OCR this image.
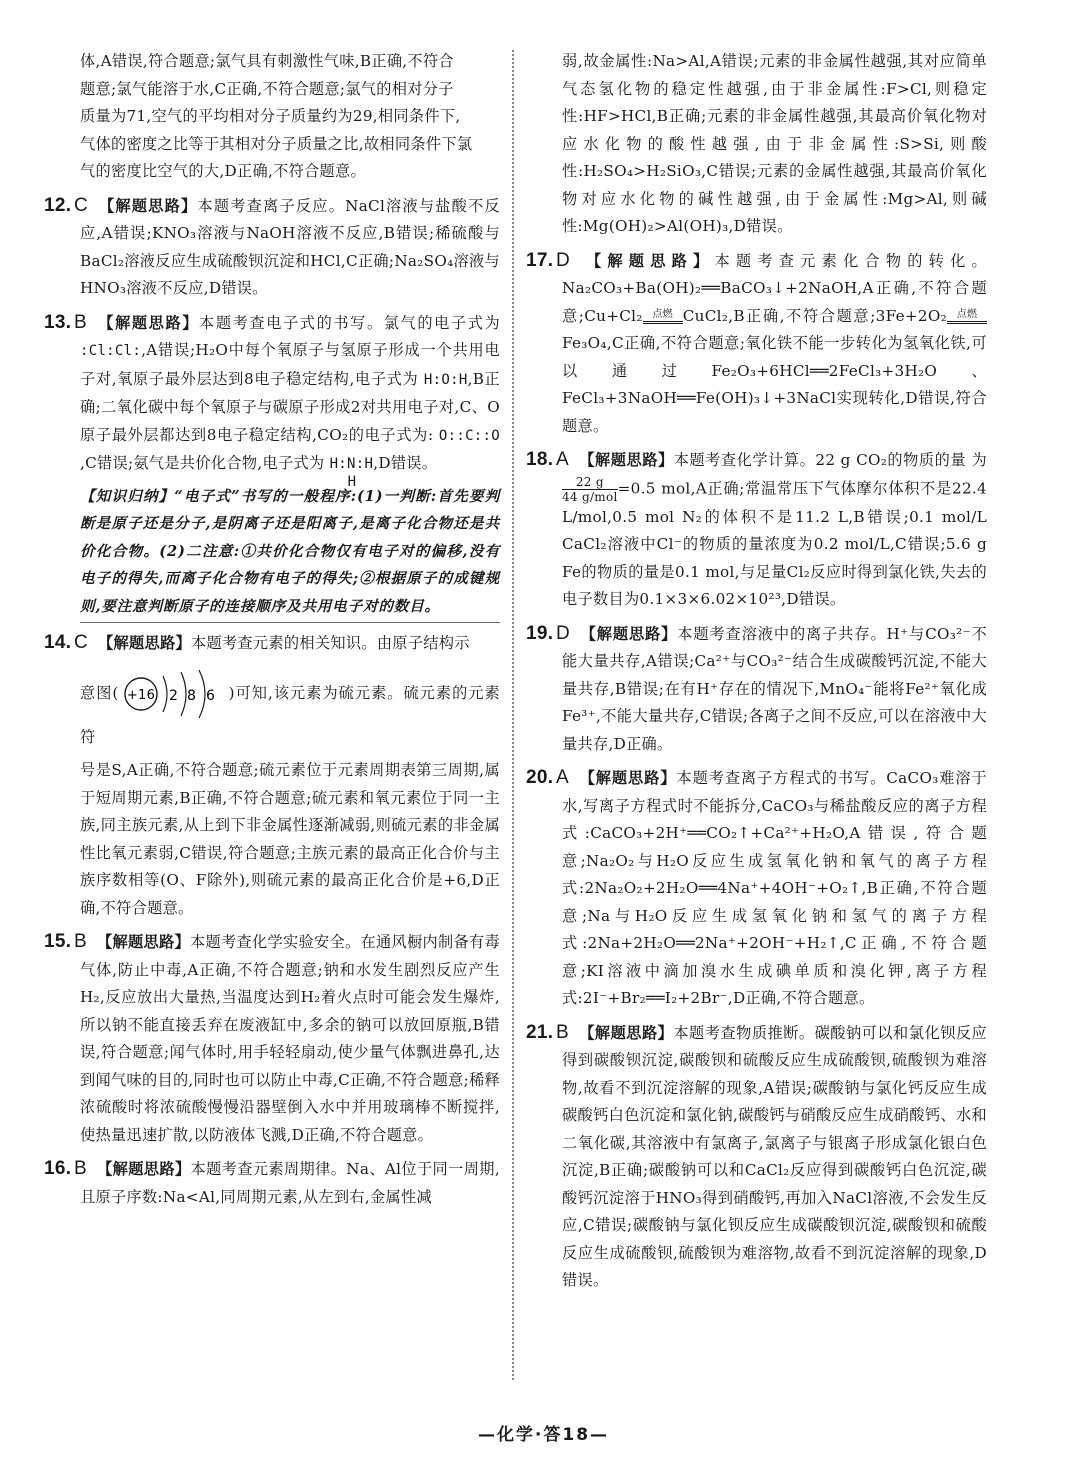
体,A错误,符合题意;氯气具有刺激性气味,B正确,不符合

题意;氯气能溶于水,C正确,不符合题意;氯气的相对分子

质量为71,空气的平均相对分子质量约为29,相同条件下,

气体的密度之比等于其相对分子质量之比,故相同条件下氯

气的密度比空气的大,D正确,不符合题意。

12. C 【解题思路】本题考查离子反应。NaCl溶液与盐酸不反应,A错误;KNO₃溶液与NaOH溶液不反应,B错误;稀硫酸与BaCl₂溶液反应生成硫酸钡沉淀和HCl,C正确;Na₂SO₄溶液与HNO₃溶液不反应,D错误。

13. B 【解题思路】本题考查电子式的书写。氯气的电子式为 :Cl:Cl:,A错误;H₂O中每个氧原子与氢原子形成一个共用电子对,氧原子最外层达到8电子稳定结构,电子式为 H:O:H,B正确;二氧化碳中每个氧原子与碳原子形成2对共用电子对,C、O原子最外层都达到8电子稳定结构,CO₂的电子式为: O::C::O,C错误;氨气是共价化合物,电子式为 H:N:H
H
,D错误。

【知识归纳】“电子式”书写的一般程序:(1)一判断:首先要判断是原子还是分子,是阴离子还是阳离子,是离子化合物还是共价化合物。(2)二注意:①共价化合物仅有电子对的偏移,没有电子的得失,而离子化合物有电子的得失;②根据原子的成键规则,要注意判断原子的连接顺序及共用电子对的数目。

14. C 【解题思路】本题考查元素的相关知识。由原子结构示

意图( +16 2 8 6 )可知,该元素为硫元素。硫元素的元素符

号是S,A正确,不符合题意;硫元素位于元素周期表第三周期,属于短周期元素,B正确,不符合题意;硫元素和氧元素位于同一主族,同主族元素,从上到下非金属性逐渐减弱,则硫元素的非金属性比氧元素弱,C错误,符合题意;主族元素的最高正化合价与主族序数相等(O、F除外),则硫元素的最高正化合价是+6,D正确,不符合题意。

15. B 【解题思路】本题考查化学实验安全。在通风橱内制备有毒气体,防止中毒,A正确,不符合题意;钠和水发生剧烈反应产生H₂,反应放出大量热,当温度达到H₂着火点时可能会发生爆炸,所以钠不能直接丢弃在废液缸中,多余的钠可以放回原瓶,B错误,符合题意;闻气体时,用手轻轻扇动,使少量气体飘进鼻孔,达到闻气味的目的,同时也可以防止中毒,C正确,不符合题意;稀释浓硫酸时将浓硫酸慢慢沿器壁倒入水中并用玻璃棒不断搅拌,使热量迅速扩散,以防液体飞溅,D正确,不符合题意。

16. B 【解题思路】本题考查元素周期律。Na、Al位于同一周期,且原子序数:Na<Al,同周期元素,从左到右,金属性减

弱,故金属性:Na>Al,A错误;元素的非金属性越强,其对应简单气态氢化物的稳定性越强,由于非金属性:F>Cl,则稳定性:HF>HCl,B正确;元素的非金属性越强,其最高价氧化物对应水化物的酸性越强,由于非金属性:S>Si,则酸性:H₂SO₄>H₂SiO₃,C错误;元素的金属性越强,其最高价氧化物对应水化物的碱性越强,由于金属性:Mg>Al,则碱性:Mg(OH)₂>Al(OH)₃,D错误。

17. D 【解题思路】本题考查元素化合物的转化。Na₂CO₃+Ba(OH)₂══BaCO₃↓+2NaOH,A正确,不符合题意;Cu+Cl₂ 点燃 CuCl₂,B正确,不符合题意;3Fe+2O₂ 点燃Fe₃O₄,C正确,不符合题意;氧化铁不能一步转化为氢氧化铁,可以通过Fe₂O₃+6HCl══2FeCl₃+3H₂O、FeCl₃+3NaOH══Fe(OH)₃↓+3NaCl实现转化,D错误,符合题意。

18. A 【解题思路】本题考查化学计算。22 g CO₂的物质的量 为
22 g
44 g/mol =0.5 mol,A正确;常温常压下气体摩尔体积不是22.4 L/mol,0.5 mol N₂的体积不是11.2 L,B错误;0.1 mol/L CaCl₂溶液中Cl⁻的物质的量浓度为0.2 mol/L,C错误;5.6 g Fe的物质的量是0.1 mol,与足量Cl₂反应时得到氯化铁,失去的电子数目为0.1×3×6.02×10²³,D错误。

19. D 【解题思路】本题考查溶液中的离子共存。H⁺与CO₃²⁻不能大量共存,A错误;Ca²⁺与CO₃²⁻结合生成碳酸钙沉淀,不能大量共存,B错误;在有H⁺存在的情况下,MnO₄⁻能将Fe²⁺氧化成Fe³⁺,不能大量共存,C错误;各离子之间不反应,可以在溶液中大量共存,D正确。

20. A 【解题思路】本题考查离子方程式的书写。CaCO₃难溶于水,写离子方程式时不能拆分,CaCO₃与稀盐酸反应的离子方程式:CaCO₃+2H⁺══CO₂↑+Ca²⁺+H₂O,A错误,符合题意;Na₂O₂与H₂O反应生成氢氧化钠和氧气的离子方程式:2Na₂O₂+2H₂O══4Na⁺+4OH⁻+O₂↑,B正确,不符合题意;Na与H₂O反应生成氢氧化钠和氢气的离子方程式:2Na+2H₂O══2Na⁺+2OH⁻+H₂↑,C正确,不符合题意;KI溶液中滴加溴水生成碘单质和溴化钾,离子方程式:2I⁻+Br₂══I₂+2Br⁻,D正确,不符合题意。

21. B 【解题思路】本题考查物质推断。碳酸钠可以和氯化钡反应得到碳酸钡沉淀,碳酸钡和硫酸反应生成硫酸钡,硫酸钡为难溶物,故看不到沉淀溶解的现象,A错误;碳酸钠与氯化钙反应生成碳酸钙白色沉淀和氯化钠,碳酸钙与硝酸反应生成硝酸钙、水和二氧化碳,其溶液中有氯离子,氯离子与银离子形成氯化银白色沉淀,B正确;碳酸钠可以和CaCl₂反应得到碳酸钙白色沉淀,碳酸钙沉淀溶于HNO₃得到硝酸钙,再加入NaCl溶液,不会发生反应,C错误;碳酸钠与氯化钡反应生成碳酸钡沉淀,碳酸钡和硫酸反应生成硫酸钡,硫酸钡为难溶物,故看不到沉淀溶解的现象,D错误。

—化学·答18—
